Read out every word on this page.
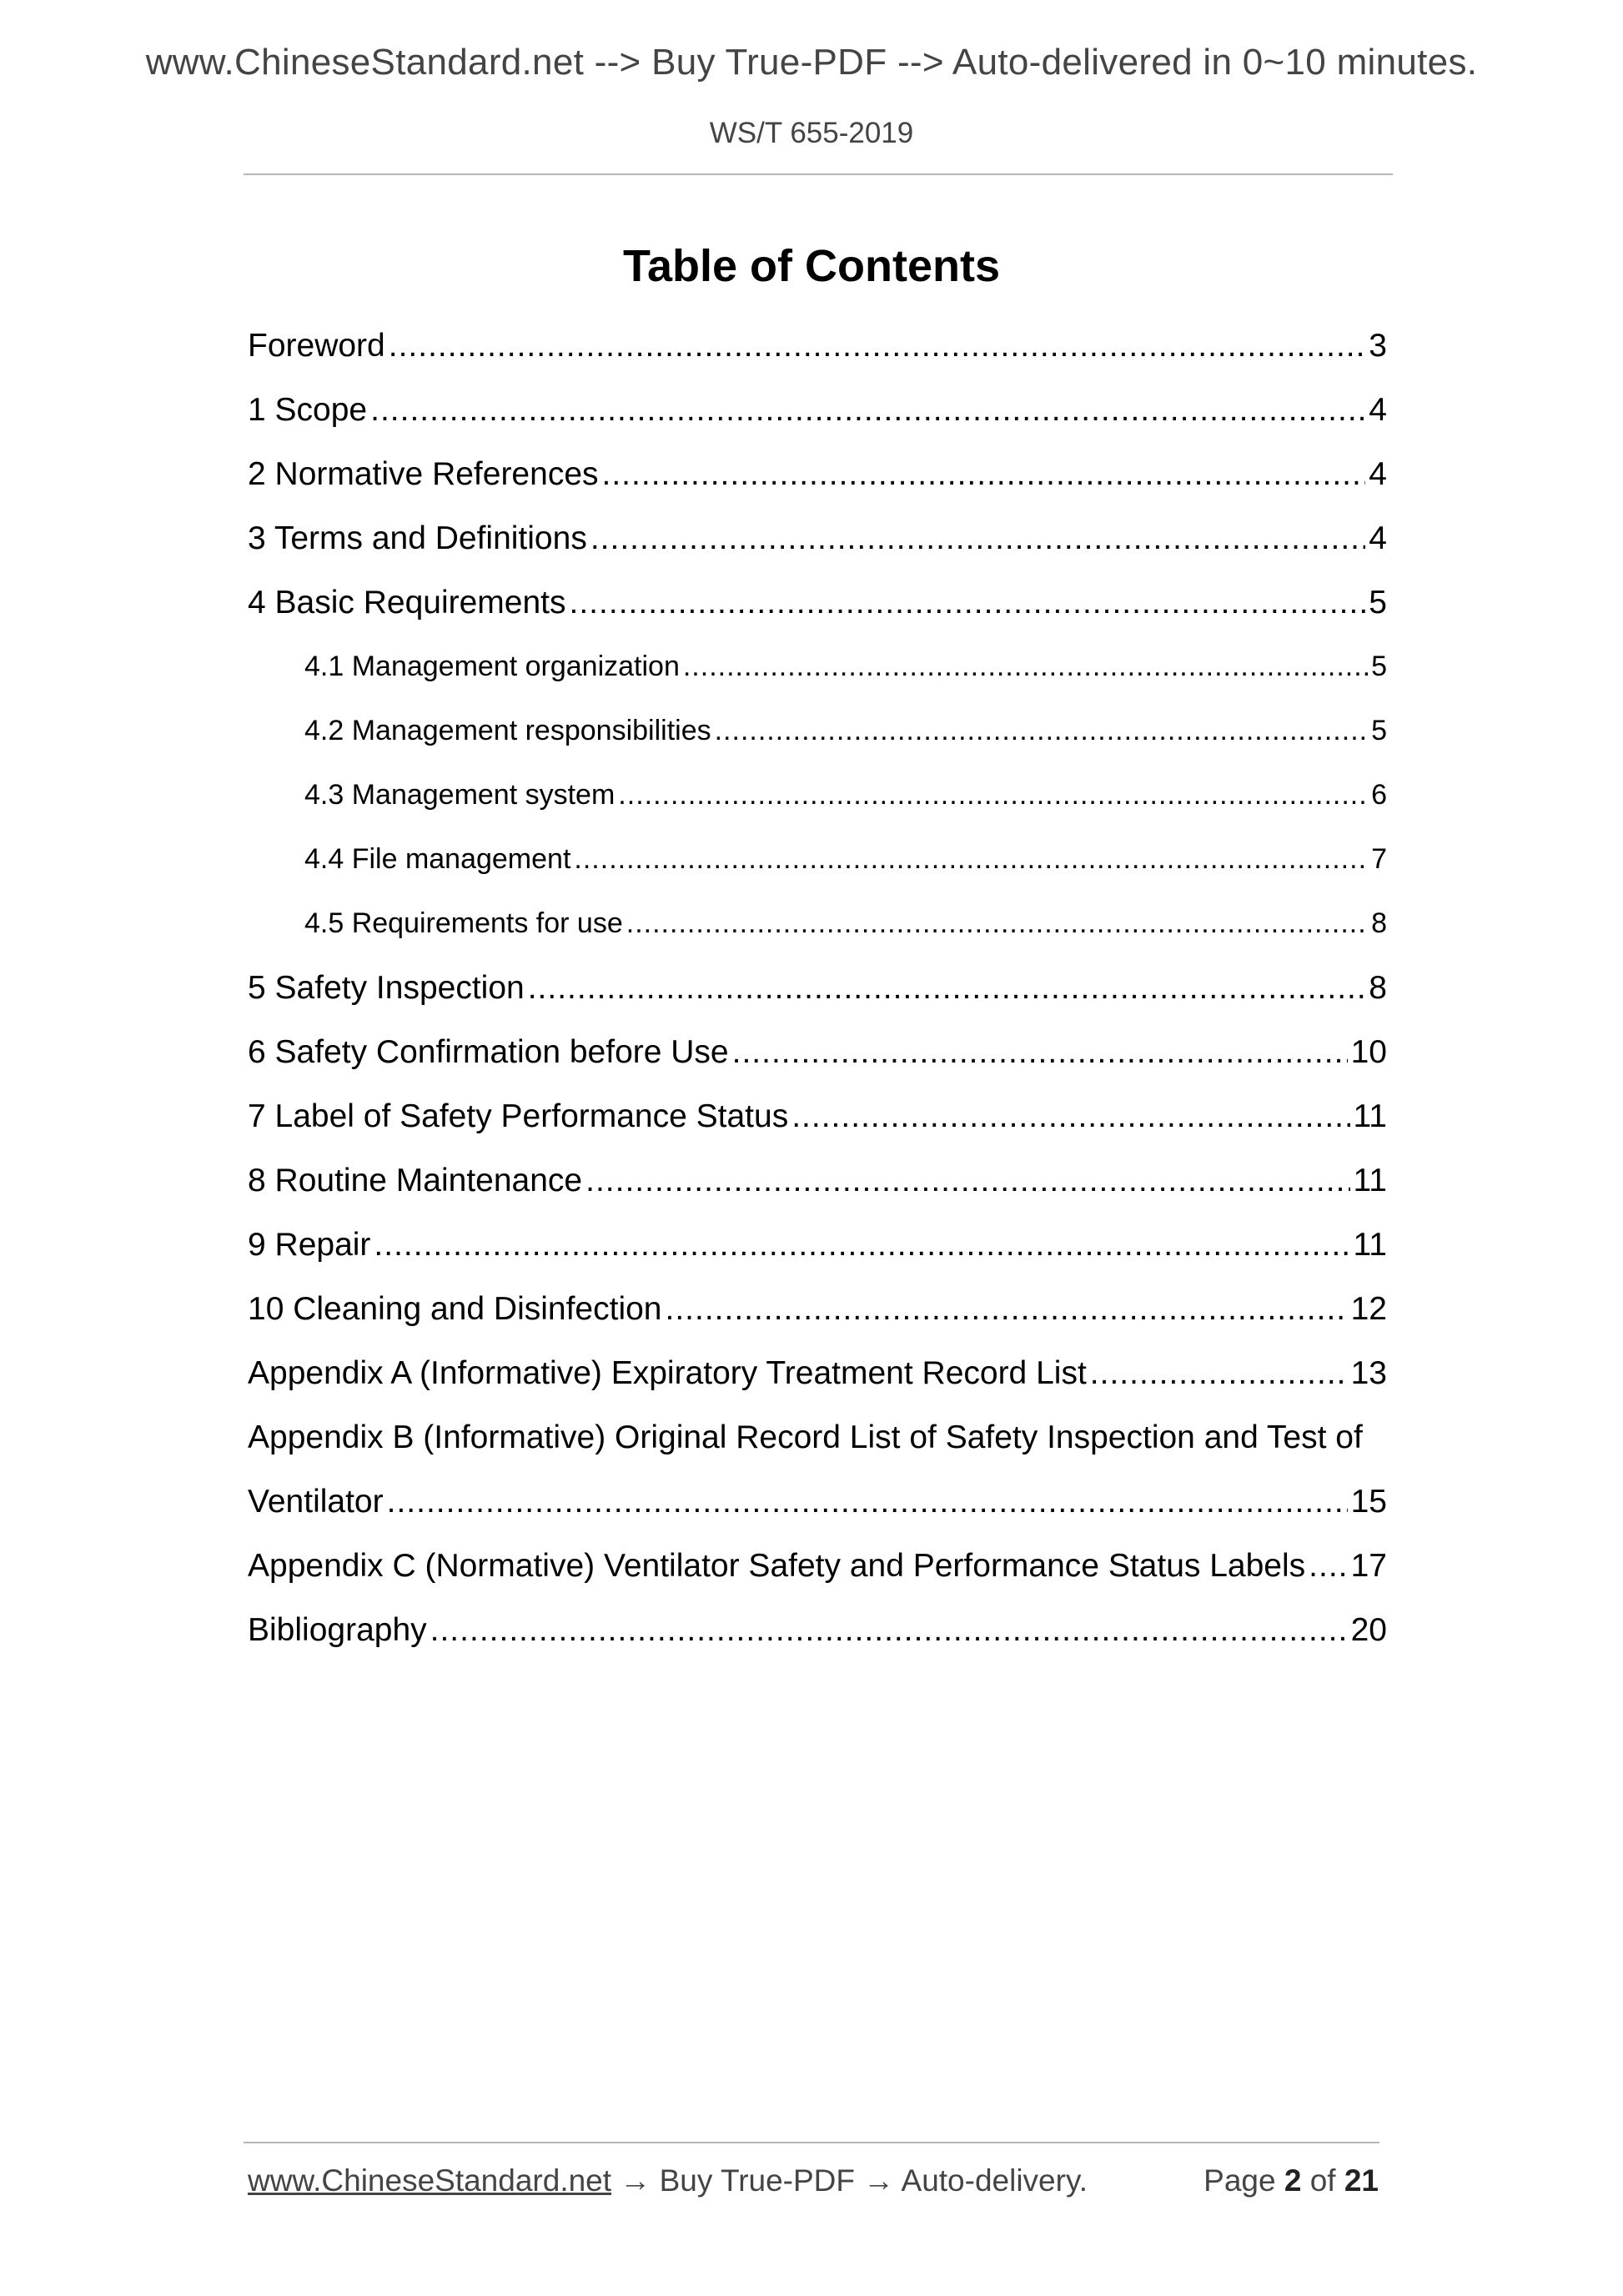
www.ChineseStandard.net --> Buy True-PDF --> Auto-delivered in 0~10 minutes.
WS/T 655-2019
Table of Contents
Foreword .....	3
1 Scope .....	4
2 Normative References .....	4
3 Terms and Definitions .....	4
4 Basic Requirements .....	5
4.1 Management organization .....	5
4.2 Management responsibilities .....	5
4.3 Management system .....	6
4.4 File management .....	7
4.5 Requirements for use .....	8
5 Safety Inspection .....	8
6 Safety Confirmation before Use .....	10
7 Label of Safety Performance Status .....	11
8 Routine Maintenance .....	11
9 Repair .....	11
10 Cleaning and Disinfection .....	12
Appendix A (Informative) Expiratory Treatment Record List .....	13
Appendix B (Informative) Original Record List of Safety Inspection and Test of
Ventilator .....	15
Appendix C (Normative) Ventilator Safety and Performance Status Labels ..... 17
Bibliography .....	20
www.ChineseStandard.net → Buy True-PDF → Auto-delivery.	Page 2 of 21
